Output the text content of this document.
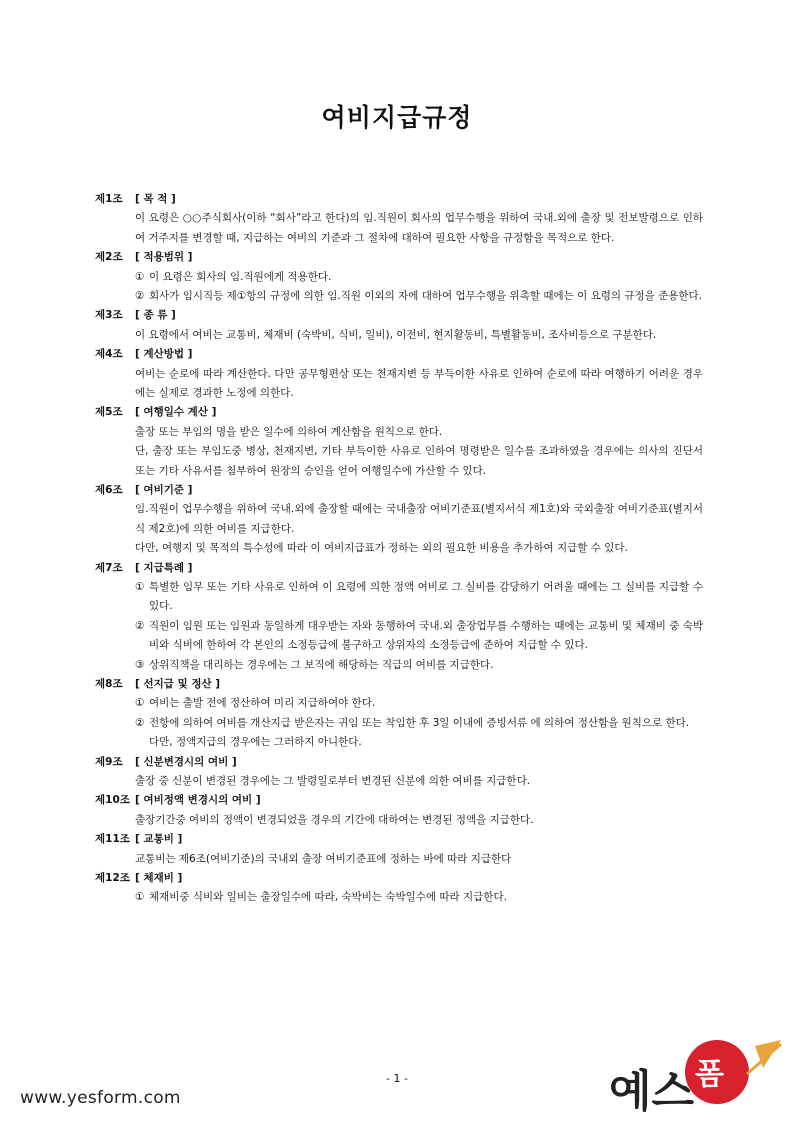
여비지급규정
제1조 [ 목 적 ]

이 요령은 ○○주식회사(이하 “회사”라고 한다)의 임.직원이 회사의 업무수행을 위하여 국내.외에 출장 및 전보발령으로 인하여 거주지를 변경할 때, 지급하는 여비의 기준과 그 절차에 대하여 필요한 사항을 규정함을 목적으로 한다.

제2조 [ 적용범위 ]
① 이 요령은 회사의 임.직원에게 적용한다.
② 회사가 임시직등 제①항의 규정에 의한 임.직원 이외의 자에 대하여 업무수행을 위촉할 때에는 이 요령의 규정을 준용한다.
제3조 [ 종 류 ]

이 요령에서 여비는 교통비, 체재비 (숙박비, 식비, 일비), 이전비, 현지활동비, 특별활동비, 조사비등으로 구분한다.

제4조 [ 계산방법 ]

여비는 순로에 따라 계산한다. 다만 공무형편상 또는 천재지변 등 부득이한 사유로 인하여 순로에 따라 여행하기 어려운 경우에는 실제로 경과한 노정에 의한다.

제5조 [ 여행일수 계산 ]

출장 또는 부임의 명을 받은 일수에 의하여 계산함을 원칙으로 한다.

단, 출장 또는 부임도중 병상, 천재지변, 기타 부득이한 사유로 인하여 명령받은 일수를 조과하였을 경우에는 의사의 진단서 또는 기타 사유서를 첨부하여 원장의 승인을 얻어 여행일수에 가산할 수 있다.

제6조 [ 여비기준 ]

임.직원이 업무수행을 위하여 국내.외에 출장할 때에는 국내출장 여비기준표(별지서식 제1호)와 국외출장 여비기준표(별지서식 제2호)에 의한 여비를 지급한다.

다만, 여행지 및 목적의 특수성에 따라 이 여비지급표가 정하는 외의 필요한 비용을 추가하여 지급할 수 있다.

제7조 [ 지급특례 ]
① 특별한 임무 또는 기타 사유로 인하여 이 요령에 의한 정액 여비로 그 실비를 감당하기 어려울 때에는 그 실비를 지급할 수 있다.
② 직원이 임원 또는 임원과 동일하게 대우받는 자와 동행하여 국내.외 출장업무를 수행하는 때에는 교통비 및 체재비 중 숙박비와 식비에 한하여 각 본인의 소정등급에 불구하고 상위자의 소정등급에 준하여 지급할 수 있다.
③ 상위직책을 대리하는 경우에는 그 보직에 해당하는 직급의 여비를 지급한다.
제8조 [ 선지급 및 정산 ]
① 여비는 출발 전에 정산하여 미리 지급하여야 한다.
② 전항에 의하여 여비를 개산지급 받은자는 귀임 또는 착임한 후 3일 이내에 증빙서류 에 의하여 정산함을 원칙으로 한다.

다만, 정액지급의 경우에는 그러하지 아니한다.

제9조 [ 신분변경시의 여비 ]

출장 중 신분이 변경된 경우에는 그 발령일로부터 변경된 신분에 의한 여비를 지급한다.

제10조 [ 여비정액 변경시의 여비 ]

출장기간중 여비의 정액이 변경되었을 경우의 기간에 대하여는 변경된 정액을 지급한다.

제11조 [ 교통비 ]

교통비는 제6조(여비기준)의 국내외 출장 여비기준표에 정하는 바에 따라 지급한다

제12조 [ 체재비 ]
① 체재비중 식비와 일비는 출장일수에 따라, 숙박비는 숙박일수에 따라 지급한다.
- 1 -
www.yesform.com	예스 폼
